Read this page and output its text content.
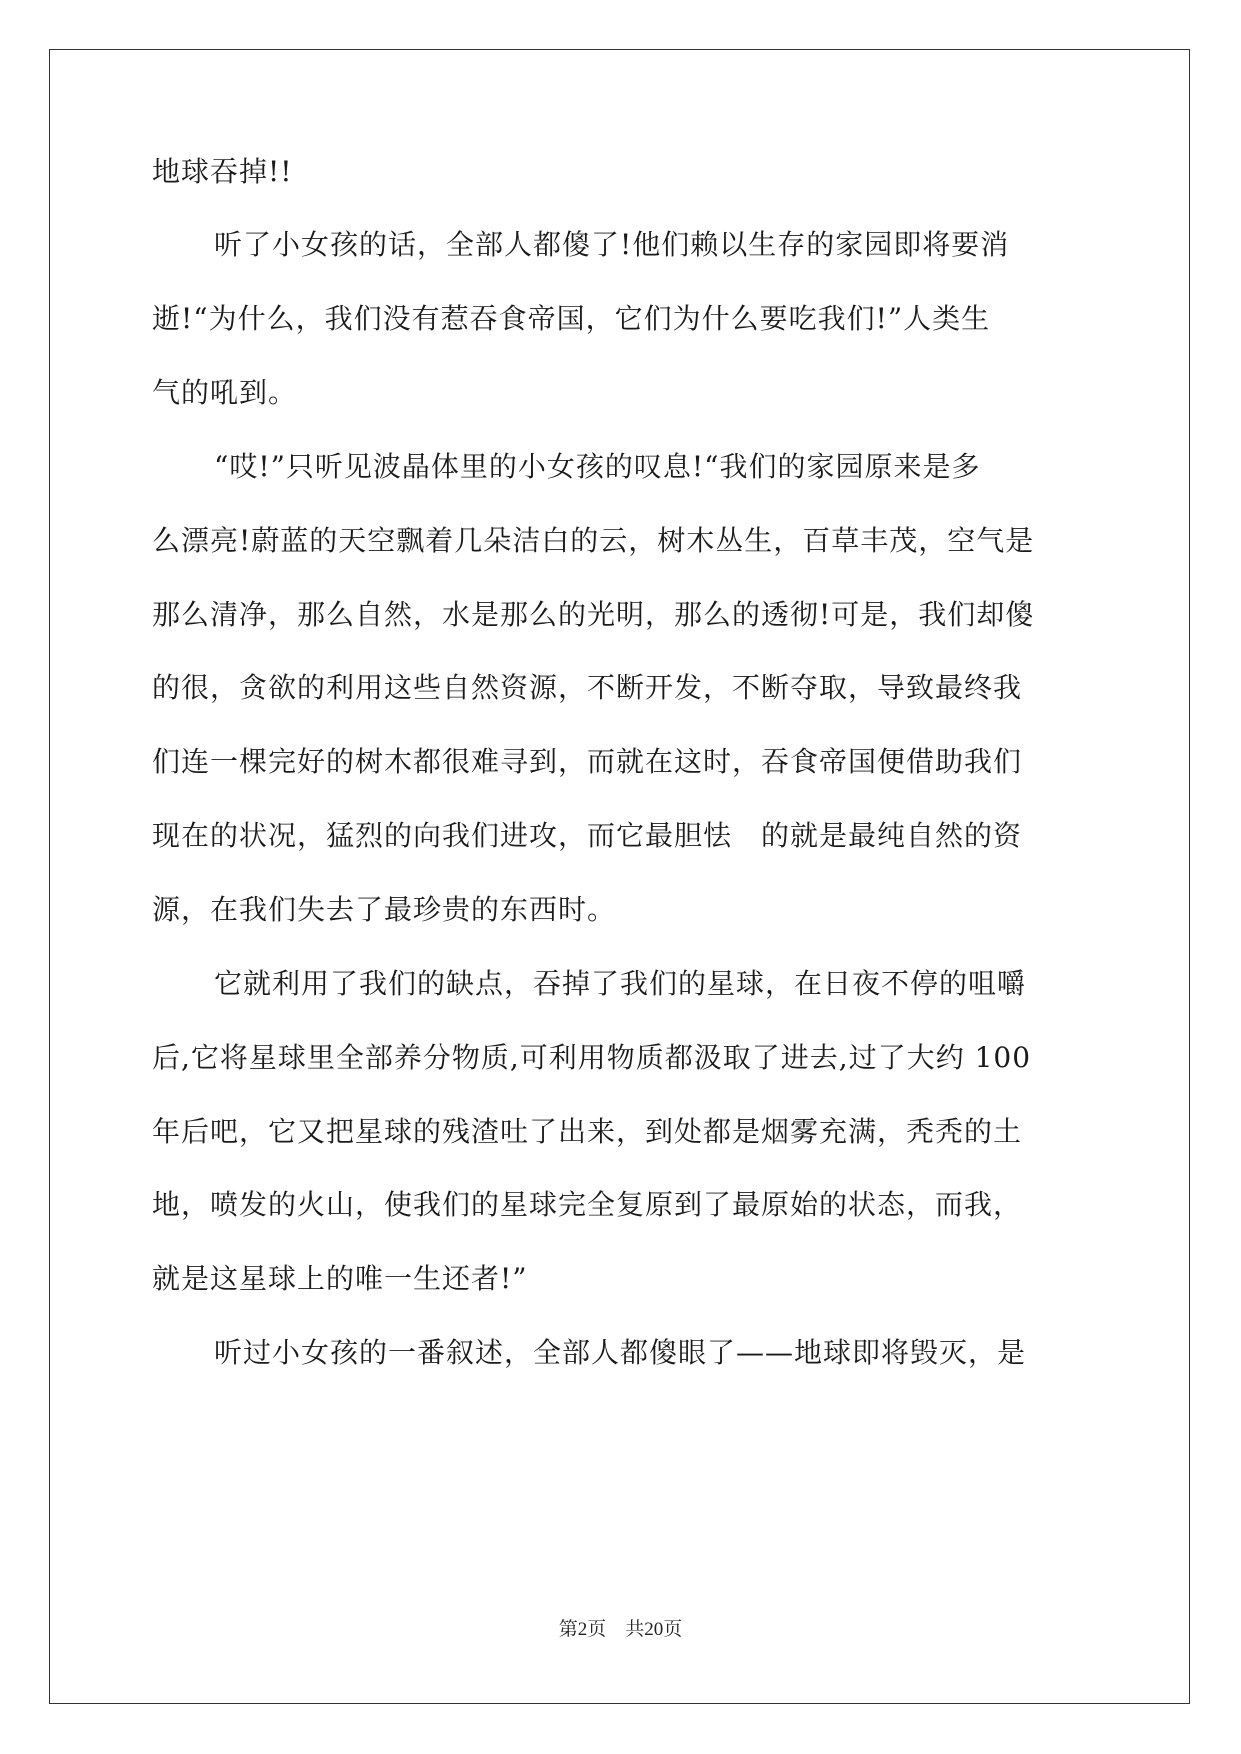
地球吞掉!!
听了小女孩的话，全部人都傻了!他们赖以生存的家园即将要消
逝!“为什么，我们没有惹吞食帝国，它们为什么要吃我们!”人类生
气的吼到。
“哎!”只听见波晶体里的小女孩的叹息!“我们的家园原来是多
么漂亮!蔚蓝的天空飘着几朵洁白的云，树木丛生，百草丰茂，空气是
那么清净，那么自然，水是那么的光明，那么的透彻!可是，我们却傻
的很，贪欲的利用这些自然资源，不断开发，不断夺取，导致最终我
们连一棵完好的树木都很难寻到，而就在这时，吞食帝国便借助我们
现在的状况，猛烈的向我们进攻，而它最胆怯　的就是最纯自然的资
源，在我们失去了最珍贵的东西时。
它就利用了我们的缺点，吞掉了我们的星球，在日夜不停的咀嚼
后,它将星球里全部养分物质,可利用物质都汲取了进去,过了大约 100
年后吧，它又把星球的残渣吐了出来，到处都是烟雾充满，秃秃的土
地，喷发的火山，使我们的星球完全复原到了最原始的状态，而我，
就是这星球上的唯一生还者!”
听过小女孩的一番叙述，全部人都傻眼了——地球即将毁灭，是
第2页　共20页
